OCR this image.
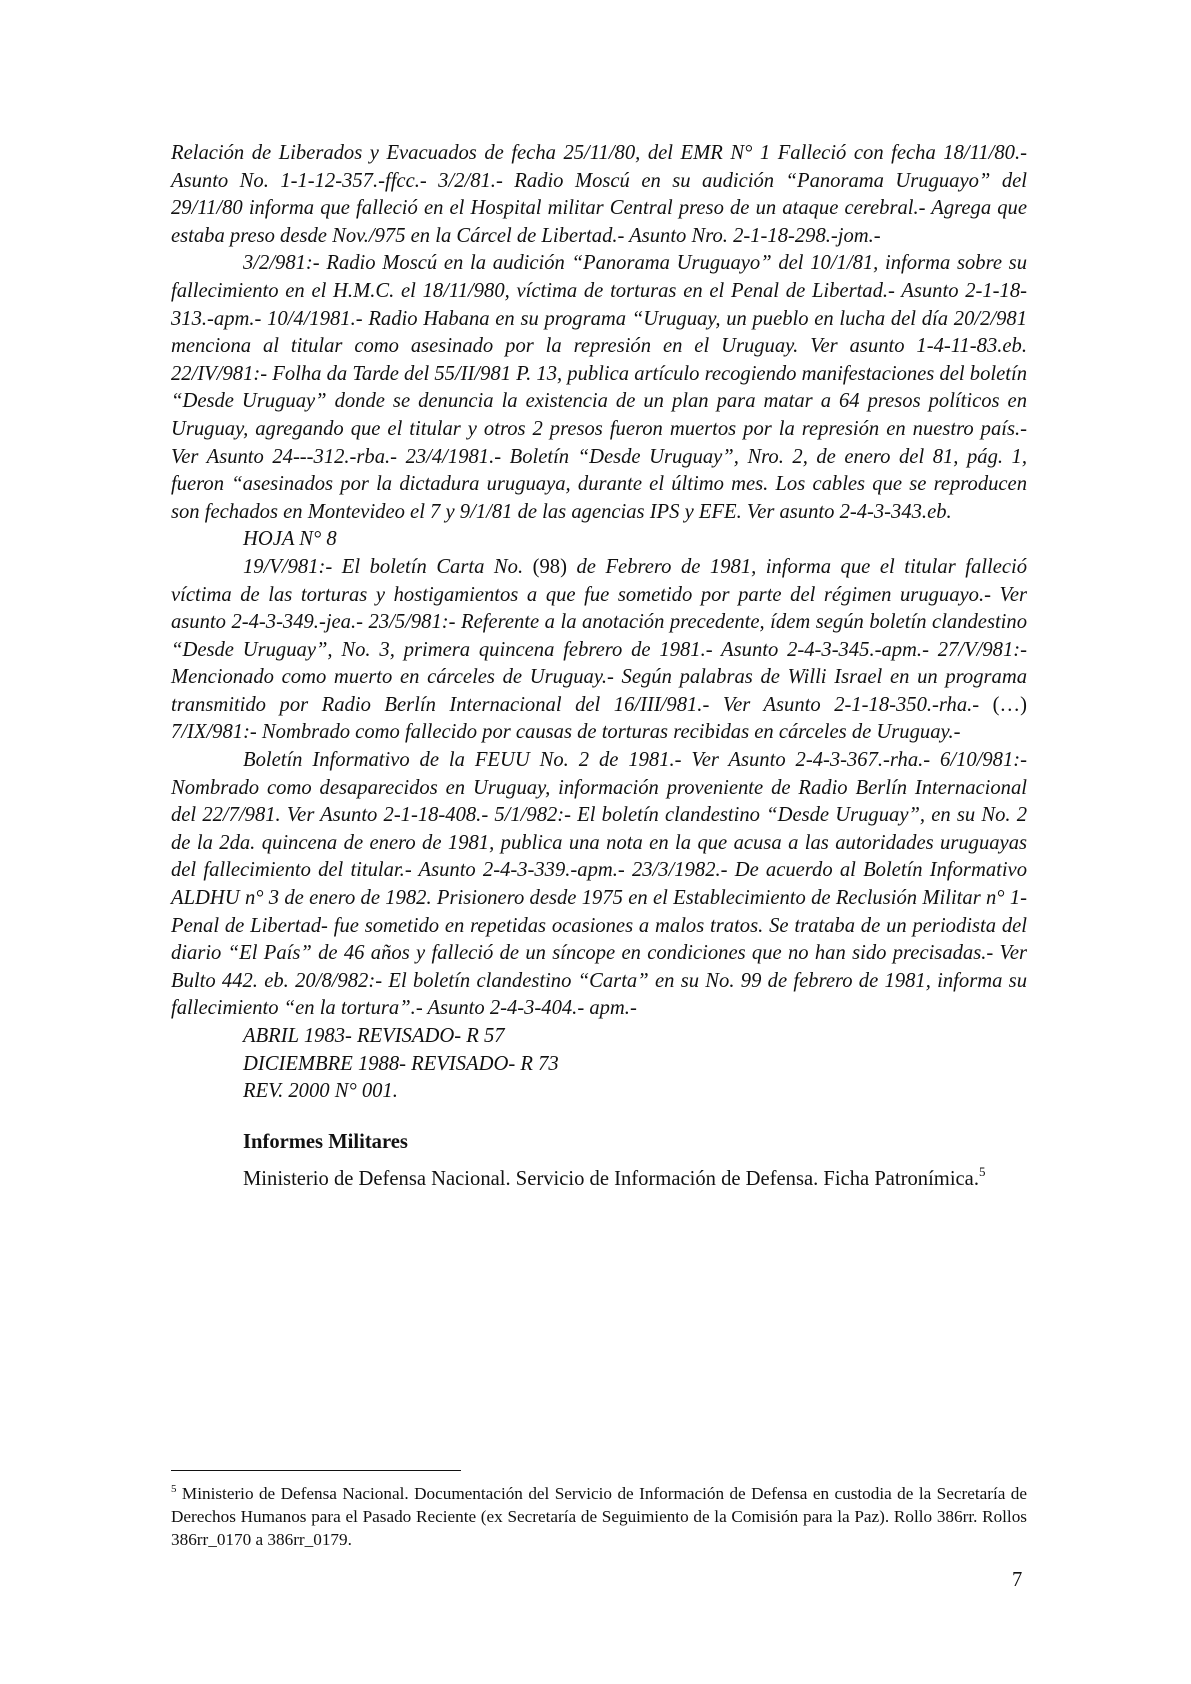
Relación de Liberados y Evacuados de fecha 25/11/80, del EMR N° 1 Falleció con fecha 18/11/80.- Asunto No. 1-1-12-357.-ffcc.- 3/2/81.- Radio Moscú en su audición “Panorama Uruguayo” del 29/11/80 informa que falleció en el Hospital militar Central preso de un ataque cerebral.- Agrega que estaba preso desde Nov./975 en la Cárcel de Libertad.- Asunto Nro. 2-1-18-298.-jom.-

3/2/981:- Radio Moscú en la audición “Panorama Uruguayo” del 10/1/81, informa sobre su fallecimiento en el H.M.C. el 18/11/980, víctima de torturas en el Penal de Libertad.- Asunto 2-1-18-313.-apm.- 10/4/1981.- Radio Habana en su programa “Uruguay, un pueblo en lucha del día 20/2/981 menciona al titular como asesinado por la represión en el Uruguay. Ver asunto 1-4-11-83.eb. 22/IV/981:- Folha da Tarde del 55/II/981 P. 13, publica artículo recogiendo manifestaciones del boletín “Desde Uruguay” donde se denuncia la existencia de un plan para matar a 64 presos políticos en Uruguay, agregando que el titular y otros 2 presos fueron muertos por la represión en nuestro país.- Ver Asunto 24---312.-rba.- 23/4/1981.- Boletín “Desde Uruguay”, Nro. 2, de enero del 81, pág. 1, fueron “asesinados por la dictadura uruguaya, durante el último mes. Los cables que se reproducen son fechados en Montevideo el 7 y 9/1/81 de las agencias IPS y EFE. Ver asunto 2-4-3-343.eb.

HOJA N° 8

19/V/981:- El boletín Carta No. (98) de Febrero de 1981, informa que el titular falleció víctima de las torturas y hostigamientos a que fue sometido por parte del régimen uruguayo.- Ver asunto 2-4-3-349.-jea.- 23/5/981:- Referente a la anotación precedente, ídem según boletín clandestino “Desde Uruguay”, No. 3, primera quincena febrero de 1981.- Asunto 2-4-3-345.-apm.- 27/V/981:- Mencionado como muerto en cárceles de Uruguay.- Según palabras de Willi Israel en un programa transmitido por Radio Berlín Internacional del 16/III/981.- Ver Asunto 2-1-18-350.-rha.- (…) 7/IX/981:- Nombrado como fallecido por causas de torturas recibidas en cárceles de Uruguay.-

Boletín Informativo de la FEUU No. 2 de 1981.- Ver Asunto 2-4-3-367.-rha.- 6/10/981:- Nombrado como desaparecidos en Uruguay, información proveniente de Radio Berlín Internacional del 22/7/981. Ver Asunto 2-1-18-408.- 5/1/982:- El boletín clandestino “Desde Uruguay”, en su No. 2 de la 2da. quincena de enero de 1981, publica una nota en la que acusa a las autoridades uruguayas del fallecimiento del titular.- Asunto 2-4-3-339.-apm.- 23/3/1982.- De acuerdo al Boletín Informativo ALDHU n° 3 de enero de 1982. Prisionero desde 1975 en el Establecimiento de Reclusión Militar n° 1- Penal de Libertad- fue sometido en repetidas ocasiones a malos tratos. Se trataba de un periodista del diario “El País” de 46 años y falleció de un síncope en condiciones que no han sido precisadas.- Ver Bulto 442. eb. 20/8/982:- El boletín clandestino “Carta” en su No. 99 de febrero de 1981, informa su fallecimiento “en la tortura”.- Asunto 2-4-3-404.- apm.-

ABRIL 1983- REVISADO- R 57

DICIEMBRE 1988- REVISADO- R 73

REV. 2000 N° 001.

Informes Militares

Ministerio de Defensa Nacional. Servicio de Información de Defensa. Ficha Patronímica.$^5$

$^5$ Ministerio de Defensa Nacional. Documentación del Servicio de Información de Defensa en custodia de la Secretaría de Derechos Humanos para el Pasado Reciente (ex Secretaría de Seguimiento de la Comisión para la Paz). Rollo 386rr. Rollos 386rr_0170 a 386rr_0179.

7
